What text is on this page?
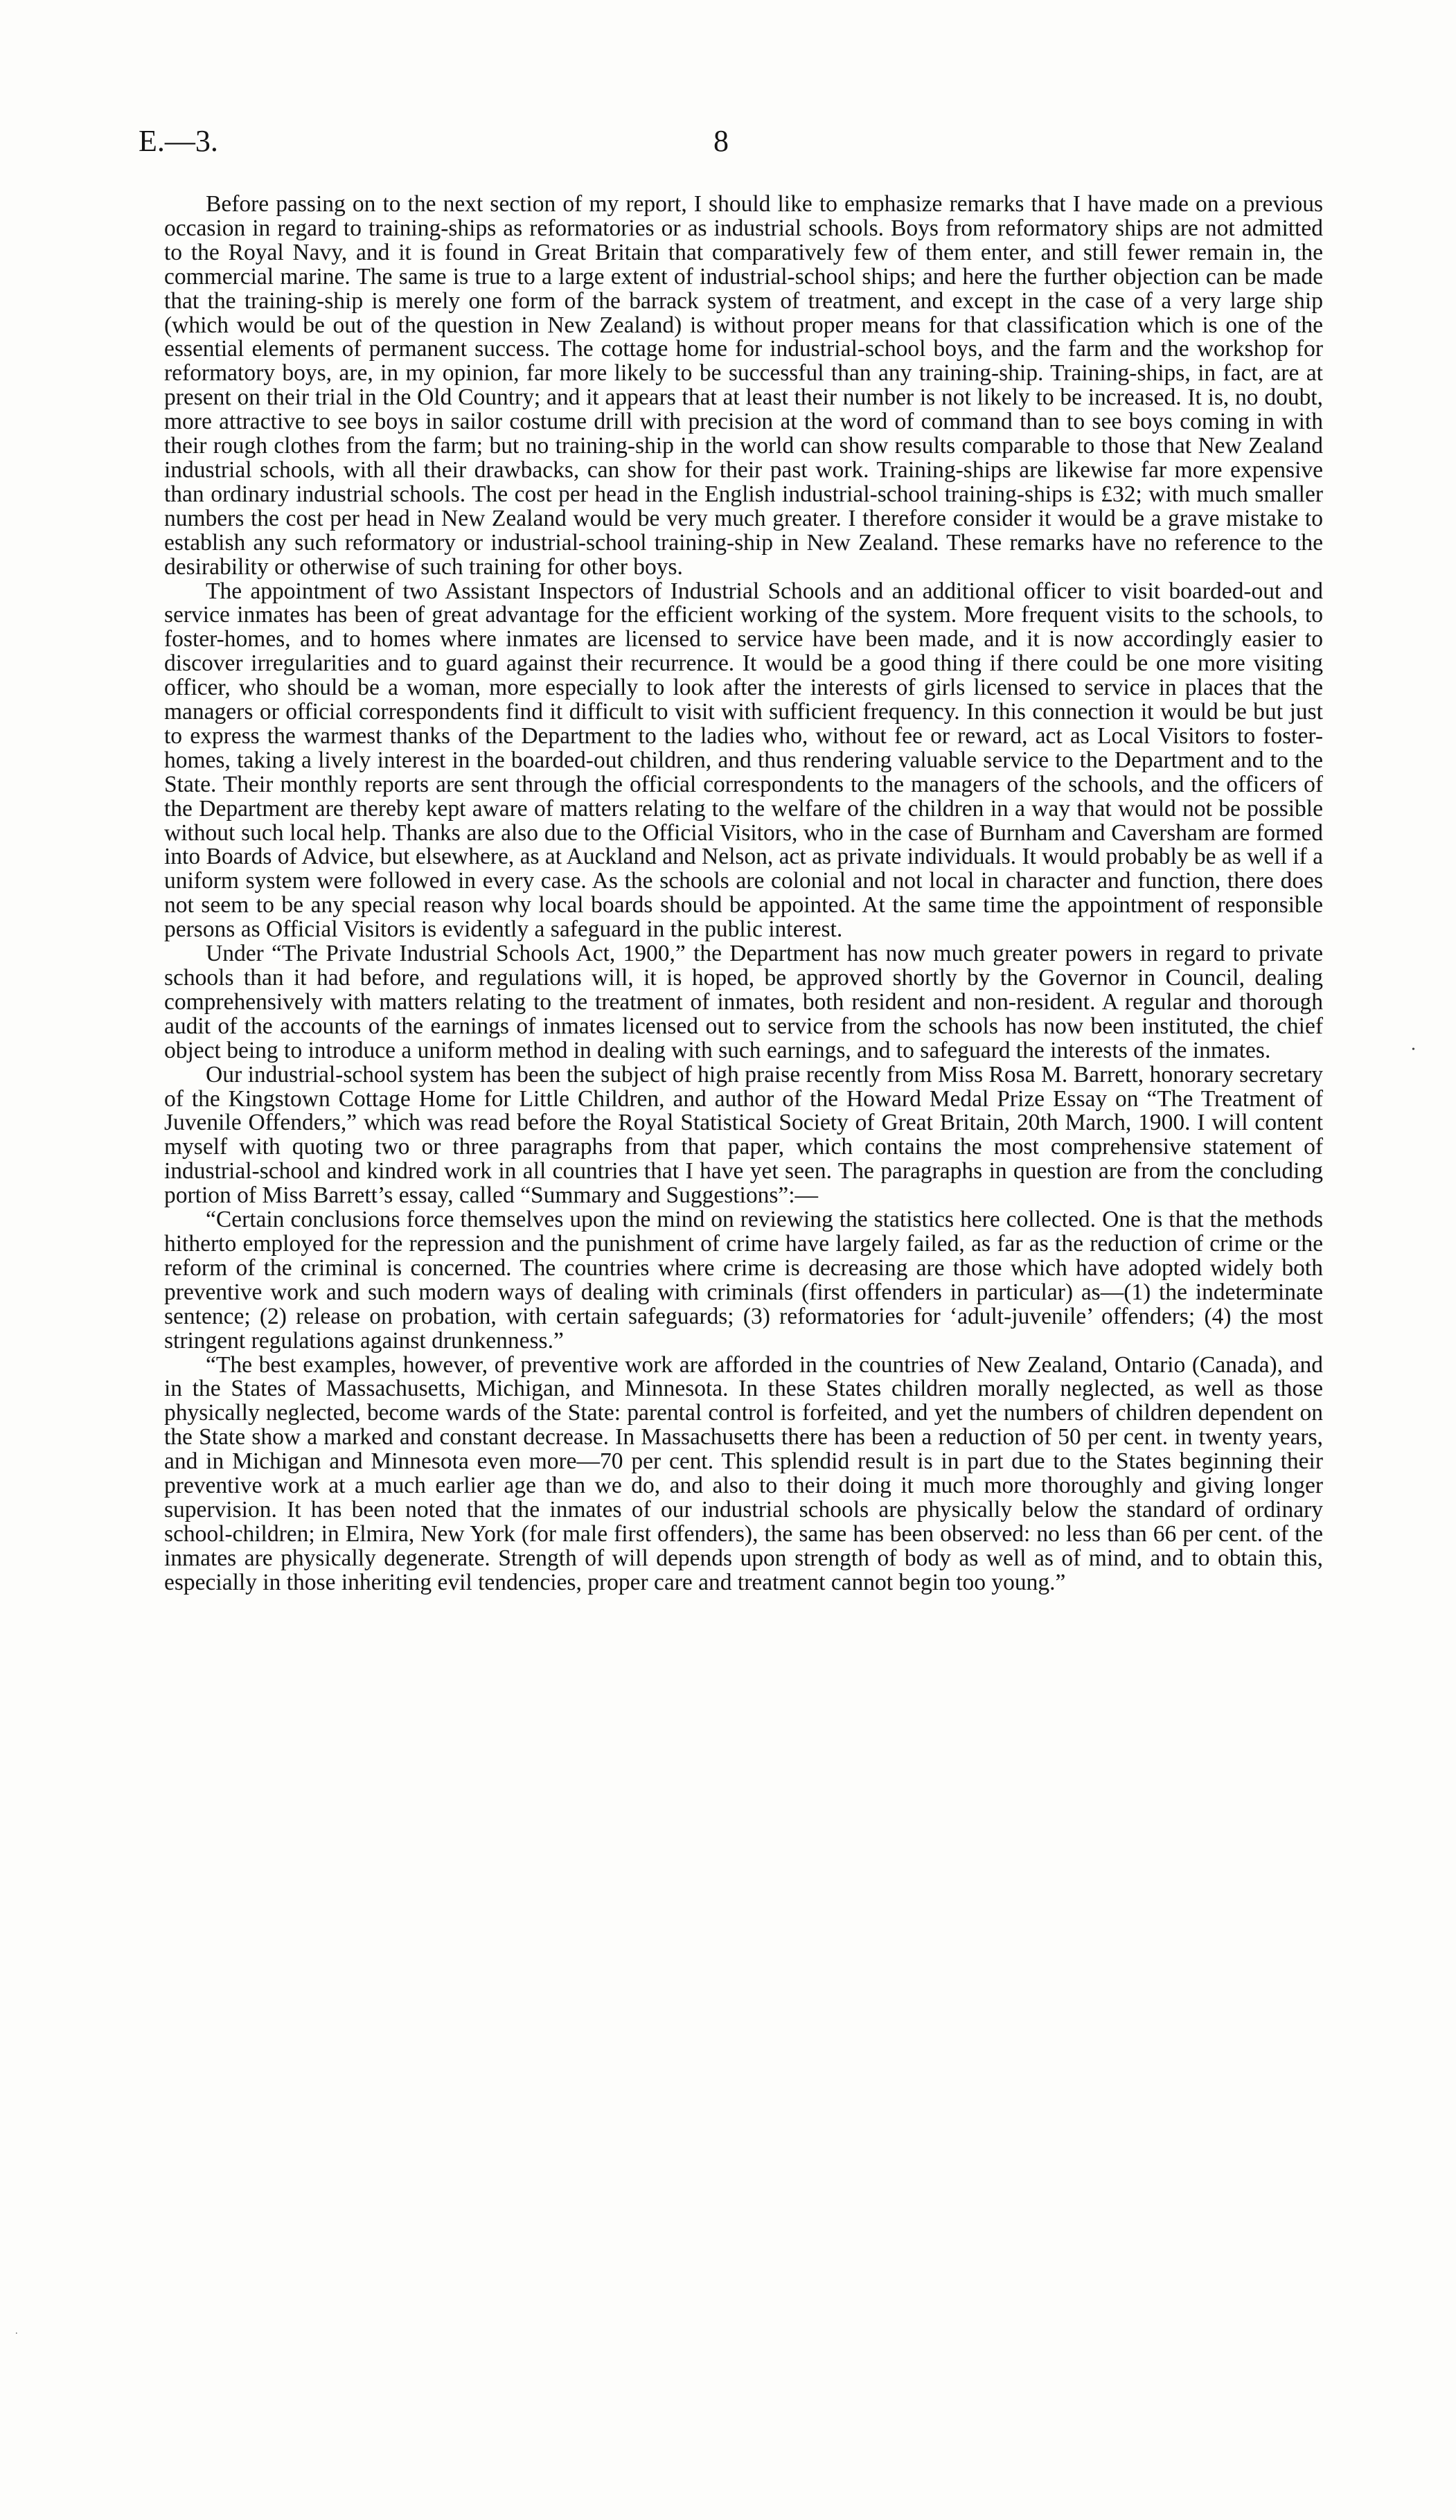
E.—3.	8

Before passing on to the next section of my report, I should like to emphasize remarks that I have made on a previous occasion in regard to training-ships as reformatories or as industrial schools. Boys from reformatory ships are not admitted to the Royal Navy, and it is found in Great Britain that comparatively few of them enter, and still fewer remain in, the commercial marine. The same is true to a large extent of industrial-school ships; and here the further objection can be made that the training-ship is merely one form of the barrack system of treatment, and except in the case of a very large ship (which would be out of the question in New Zealand) is without proper means for that classification which is one of the essential elements of permanent success. The cottage home for industrial-school boys, and the farm and the workshop for reformatory boys, are, in my opinion, far more likely to be successful than any training-ship. Training-ships, in fact, are at present on their trial in the Old Country; and it appears that at least their number is not likely to be increased. It is, no doubt, more attractive to see boys in sailor costume drill with precision at the word of command than to see boys coming in with their rough clothes from the farm; but no training-ship in the world can show results comparable to those that New Zealand industrial schools, with all their drawbacks, can show for their past work. Training-ships are likewise far more expensive than ordinary industrial schools. The cost per head in the English industrial-school training-ships is £32; with much smaller numbers the cost per head in New Zealand would be very much greater. I therefore consider it would be a grave mistake to establish any such reformatory or industrial-school training-ship in New Zealand. These remarks have no reference to the desirability or otherwise of such training for other boys.

The appointment of two Assistant Inspectors of Industrial Schools and an additional officer to visit boarded-out and service inmates has been of great advantage for the efficient working of the system. More frequent visits to the schools, to foster-homes, and to homes where inmates are licensed to service have been made, and it is now accordingly easier to discover irregularities and to guard against their recurrence. It would be a good thing if there could be one more visiting officer, who should be a woman, more especially to look after the interests of girls licensed to service in places that the managers or official correspondents find it difficult to visit with sufficient frequency. In this connection it would be but just to express the warmest thanks of the Department to the ladies who, without fee or reward, act as Local Visitors to foster-homes, taking a lively interest in the boarded-out children, and thus rendering valuable service to the Department and to the State. Their monthly reports are sent through the official correspondents to the managers of the schools, and the officers of the Department are thereby kept aware of matters relating to the welfare of the children in a way that would not be possible without such local help. Thanks are also due to the Official Visitors, who in the case of Burnham and Caversham are formed into Boards of Advice, but elsewhere, as at Auckland and Nelson, act as private individuals. It would probably be as well if a uniform system were followed in every case. As the schools are colonial and not local in character and function, there does not seem to be any special reason why local boards should be appointed. At the same time the appointment of responsible persons as Official Visitors is evidently a safeguard in the public interest.

Under “The Private Industrial Schools Act, 1900,” the Department has now much greater powers in regard to private schools than it had before, and regulations will, it is hoped, be approved shortly by the Governor in Council, dealing comprehensively with matters relating to the treatment of inmates, both resident and non-resident. A regular and thorough audit of the accounts of the earnings of inmates licensed out to service from the schools has now been instituted, the chief object being to introduce a uniform method in dealing with such earnings, and to safeguard the interests of the inmates.

Our industrial-school system has been the subject of high praise recently from Miss Rosa M. Barrett, honorary secretary of the Kingstown Cottage Home for Little Children, and author of the Howard Medal Prize Essay on “The Treatment of Juvenile Offenders,” which was read before the Royal Statistical Society of Great Britain, 20th March, 1900. I will content myself with quoting two or three paragraphs from that paper, which contains the most comprehensive statement of industrial-school and kindred work in all countries that I have yet seen. The paragraphs in question are from the concluding portion of Miss Barrett’s essay, called “Summary and Suggestions”:—

“Certain conclusions force themselves upon the mind on reviewing the statistics here collected. One is that the methods hitherto employed for the repression and the punishment of crime have largely failed, as far as the reduction of crime or the reform of the criminal is concerned. The countries where crime is decreasing are those which have adopted widely both preventive work and such modern ways of dealing with criminals (first offenders in particular) as—(1) the indeterminate sentence; (2) release on probation, with certain safeguards; (3) reformatories for ‘adult-juvenile’ offenders; (4) the most stringent regulations against drunkenness.”

“The best examples, however, of preventive work are afforded in the countries of New Zealand, Ontario (Canada), and in the States of Massachusetts, Michigan, and Minnesota. In these States children morally neglected, as well as those physically neglected, become wards of the State: parental control is forfeited, and yet the numbers of children dependent on the State show a marked and constant decrease. In Massachusetts there has been a reduction of 50 per cent. in twenty years, and in Michigan and Minnesota even more—70 per cent. This splendid result is in part due to the States beginning their preventive work at a much earlier age than we do, and also to their doing it much more thoroughly and giving longer supervision. It has been noted that the inmates of our industrial schools are physically below the standard of ordinary school-children; in Elmira, New York (for male first offenders), the same has been observed: no less than 66 per cent. of the inmates are physically degenerate. Strength of will depends upon strength of body as well as of mind, and to obtain this, especially in those inheriting evil tendencies, proper care and treatment cannot begin too young.”

•
.
